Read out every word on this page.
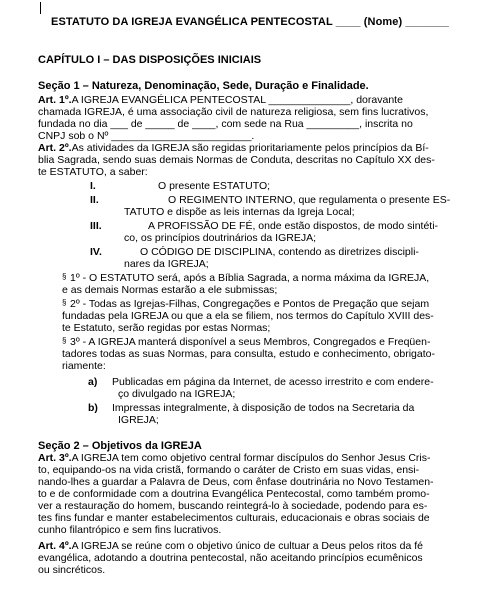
ESTATUTO DA IGREJA EVANGÉLICA PENTECOSTAL ____ (Nome) _______
CAPÍTULO I – DAS DISPOSIÇÕES INICIAIS
Seção 1 – Natureza, Denominação, Sede, Duração e Finalidade.
Art. 1º.A IGREJA EVANGÉLICA PENTECOSTAL ______________, doravante
chamada IGREJA, é uma associação civil de natureza religiosa, sem fins lucrativos,
fundada no dia ___ de _____ de ____, com sede na Rua _________, inscrita no
CNPJ sob o Nº ________________________.
Art. 2º.As atividades da IGREJA são regidas prioritariamente pelos princípios da Bí-
blia Sagrada, sendo suas demais Normas de Conduta, descritas no Capítulo XX des-
te ESTATUTO, a saber:
I.	O presente ESTATUTO;
II.	O REGIMENTO INTERNO, que regulamenta o presente ES-
TATUTO e dispõe as leis internas da Igreja Local;
III.	A PROFISSÃO DE FÉ, onde estão dispostos, de modo sintéti-
co, os princípios doutrinários da IGREJA;
IV.	O CÓDIGO DE DISCIPLINA, contendo as diretrizes discipli-
nares da IGREJA;
§ 1º - O ESTATUTO será, após a Bíblia Sagrada, a norma máxima da IGREJA,
e as demais Normas estarão a ele submissas;
§ 2º - Todas as Igrejas-Filhas, Congregações e Pontos de Pregação que sejam
fundadas pela IGREJA ou que a ela se filiem, nos termos do Capítulo XVIII des-
te Estatuto, serão regidas por estas Normas;
§ 3º - A IGREJA manterá disponível a seus Membros, Congregados e Freqüen-
tadores todas as suas Normas, para consulta, estudo e conhecimento, obrigato-
riamente:
a) Publicadas em página da Internet, de acesso irrestrito e com endere-
ço divulgado na IGREJA;
b) Impressas integralmente, à disposição de todos na Secretaria da
IGREJA;
Seção 2 – Objetivos da IGREJA
Art. 3º.A IGREJA tem como objetivo central formar discípulos do Senhor Jesus Cris-
to, equipando-os na vida cristã, formando o caráter de Cristo em suas vidas, ensi-
nando-lhes a guardar a Palavra de Deus, com ênfase doutrinária no Novo Testamen-
to e de conformidade com a doutrina Evangélica Pentecostal, como também promo-
ver a restauração do homem, buscando reintegrá-lo à sociedade, podendo para es-
tes fins fundar e manter estabelecimentos culturais, educacionais e obras sociais de
cunho filantrópico e sem fins lucrativos.
Art. 4º.A IGREJA se reúne com o objetivo único de cultuar a Deus pelos ritos da fé
evangélica, adotando a doutrina pentecostal, não aceitando princípios ecumênicos
ou sincréticos.
